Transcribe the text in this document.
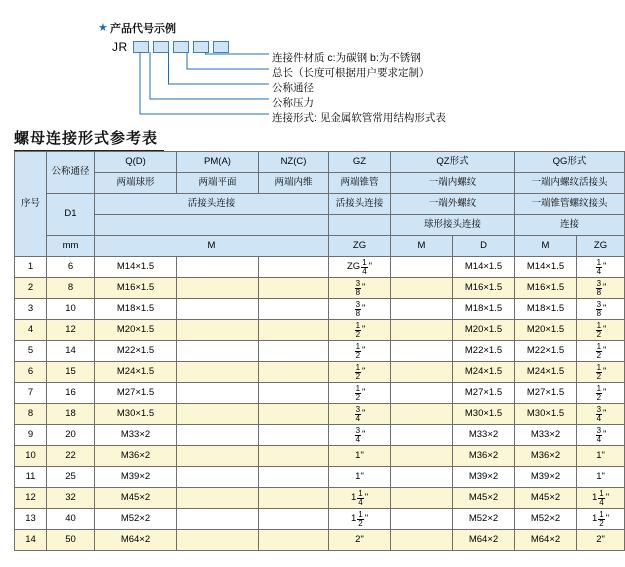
★ 产品代号示例
JR
连接件材质 c:为碳钢 b:为不锈钢
总长（长度可根据用户要求定制）
公称通径
公称压力
连接形式: 见金属软管常用结构形式表
螺母连接形式参考表
序号	公称通径	Q(D)	PM(A)	NZ(C)	GZ	QZ形式		QG形式	
		两端球形	两端平面	两端内维	两端锥管	一端内螺纹		一端内螺纹活接头	
	D1	活接头连接			活接头连接	一端外螺纹		一端锥管螺纹接头	
						球形接头连接		连接	
	mm	M			ZG	M	D	M	ZG
1	6	M14×1.5			ZG $\frac{1}{4}$ "		M14×1.5	M14×1.5	$\frac{1}{4}$ "
2	8	M16×1.5			$\frac{3}{8}$ "		M16×1.5	M16×1.5	$\frac{3}{8}$ "
3	10	M18×1.5			$\frac{3}{8}$ "		M18×1.5	M18×1.5	$\frac{3}{8}$ "
4	12	M20×1.5			$\frac{1}{2}$ "		M20×1.5	M20×1.5	$\frac{1}{2}$ "
5	14	M22×1.5			$\frac{1}{2}$ "		M22×1.5	M22×1.5	$\frac{1}{2}$ "
6	15	M24×1.5			$\frac{1}{2}$ "		M24×1.5	M24×1.5	$\frac{1}{2}$ "
7	16	M27×1.5			$\frac{1}{2}$ "		M27×1.5	M27×1.5	$\frac{1}{2}$ "
8	18	M30×1.5			$\frac{3}{4}$ "		M30×1.5	M30×1.5	$\frac{3}{4}$ "
9	20	M33×2			$\frac{3}{4}$ "		M33×2	M33×2	$\frac{3}{4}$ "
10	22	M36×2			1"		M36×2	M36×2	1"
11	25	M39×2			1"		M39×2	M39×2	1"
12	32	M45×2			$1 \frac{1}{4}$ "		M45×2	M45×2	$1 \frac{1}{4}$ "
13	40	M52×2			$1 \frac{1}{2}$ "		M52×2	M52×2	$1 \frac{1}{2}$ "
14	50	M64×2			2"		M64×2	M64×2	2"
